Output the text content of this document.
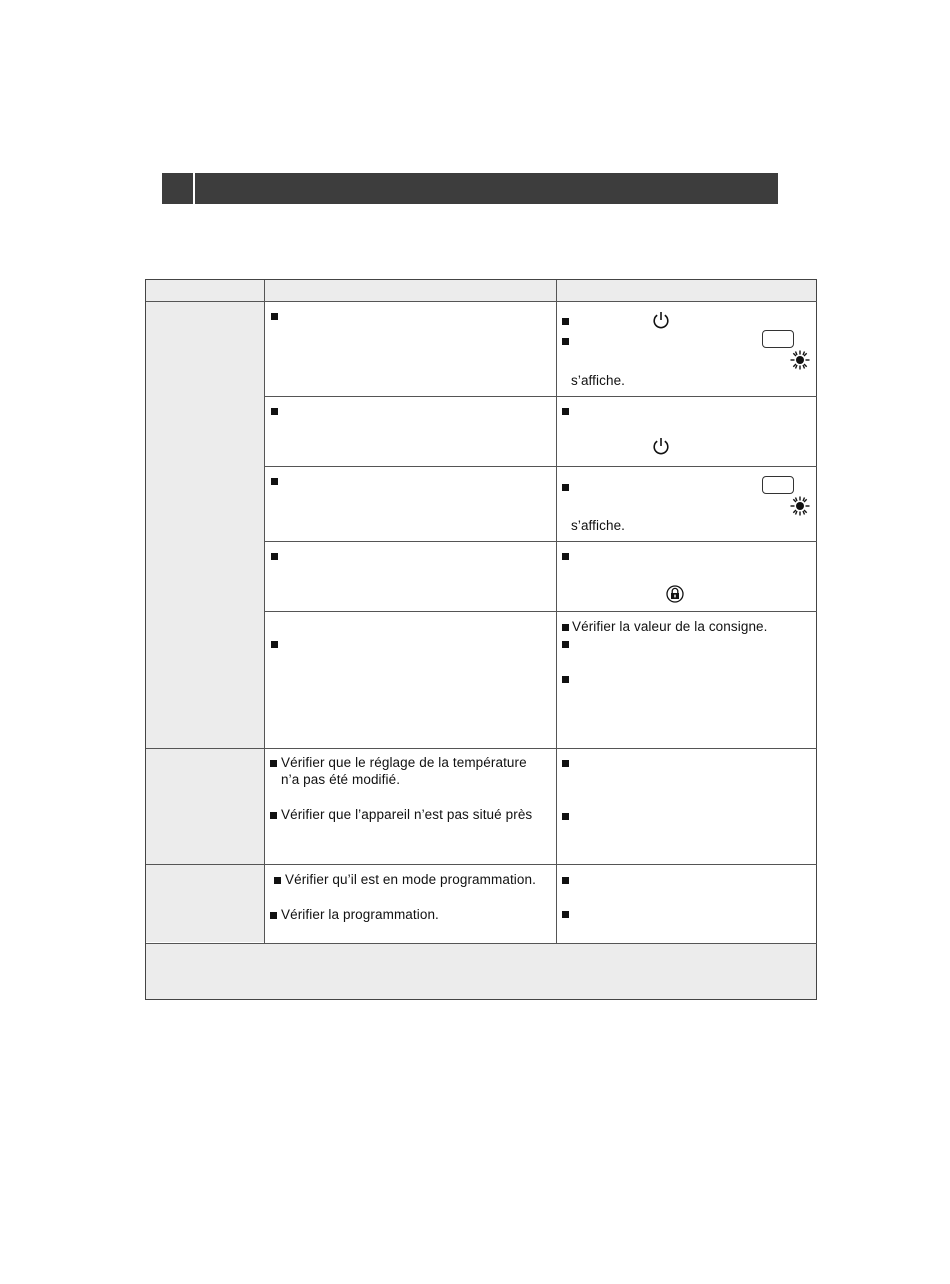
s’affiche.
s’affiche.
Vérifier la valeur de la consigne.
Vérifier que le réglage de la température
n’a pas été modifié.
Vérifier que l’appareil n’est pas situé près
Vérifier qu’il est en mode programmation.
Vérifier la programmation.
